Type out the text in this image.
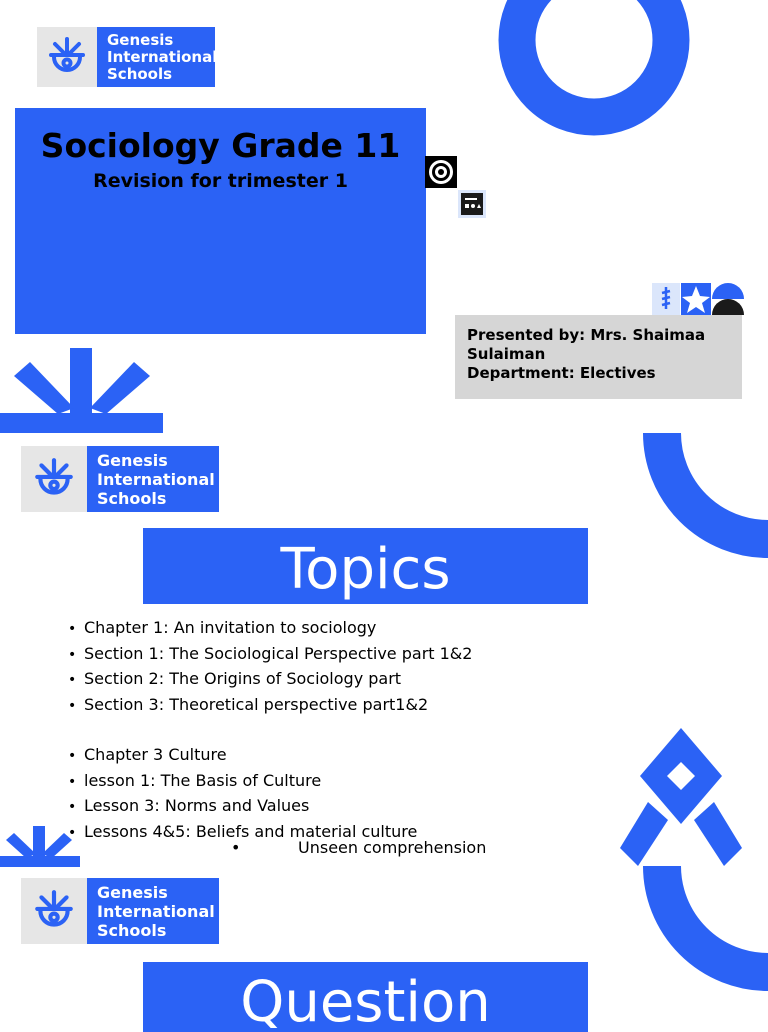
Genesis
International
Schools
Sociology Grade 11
Revision for trimester 1
Presented by: Mrs. Shaimaa Sulaiman
Department: Electives
Genesis
International
Schools
Topics
• Chapter 1: An invitation to sociology
• Section 1: The Sociological Perspective part 1&2
• Section 2: The Origins of Sociology part
• Section 3: Theoretical perspective part1&2
• Chapter 3 Culture
• lesson 1: The Basis of Culture
• Lesson 3: Norms and Values
• Lessons 4&5: Beliefs and material culture
•	Unseen comprehension
Genesis
International
Schools
Question
